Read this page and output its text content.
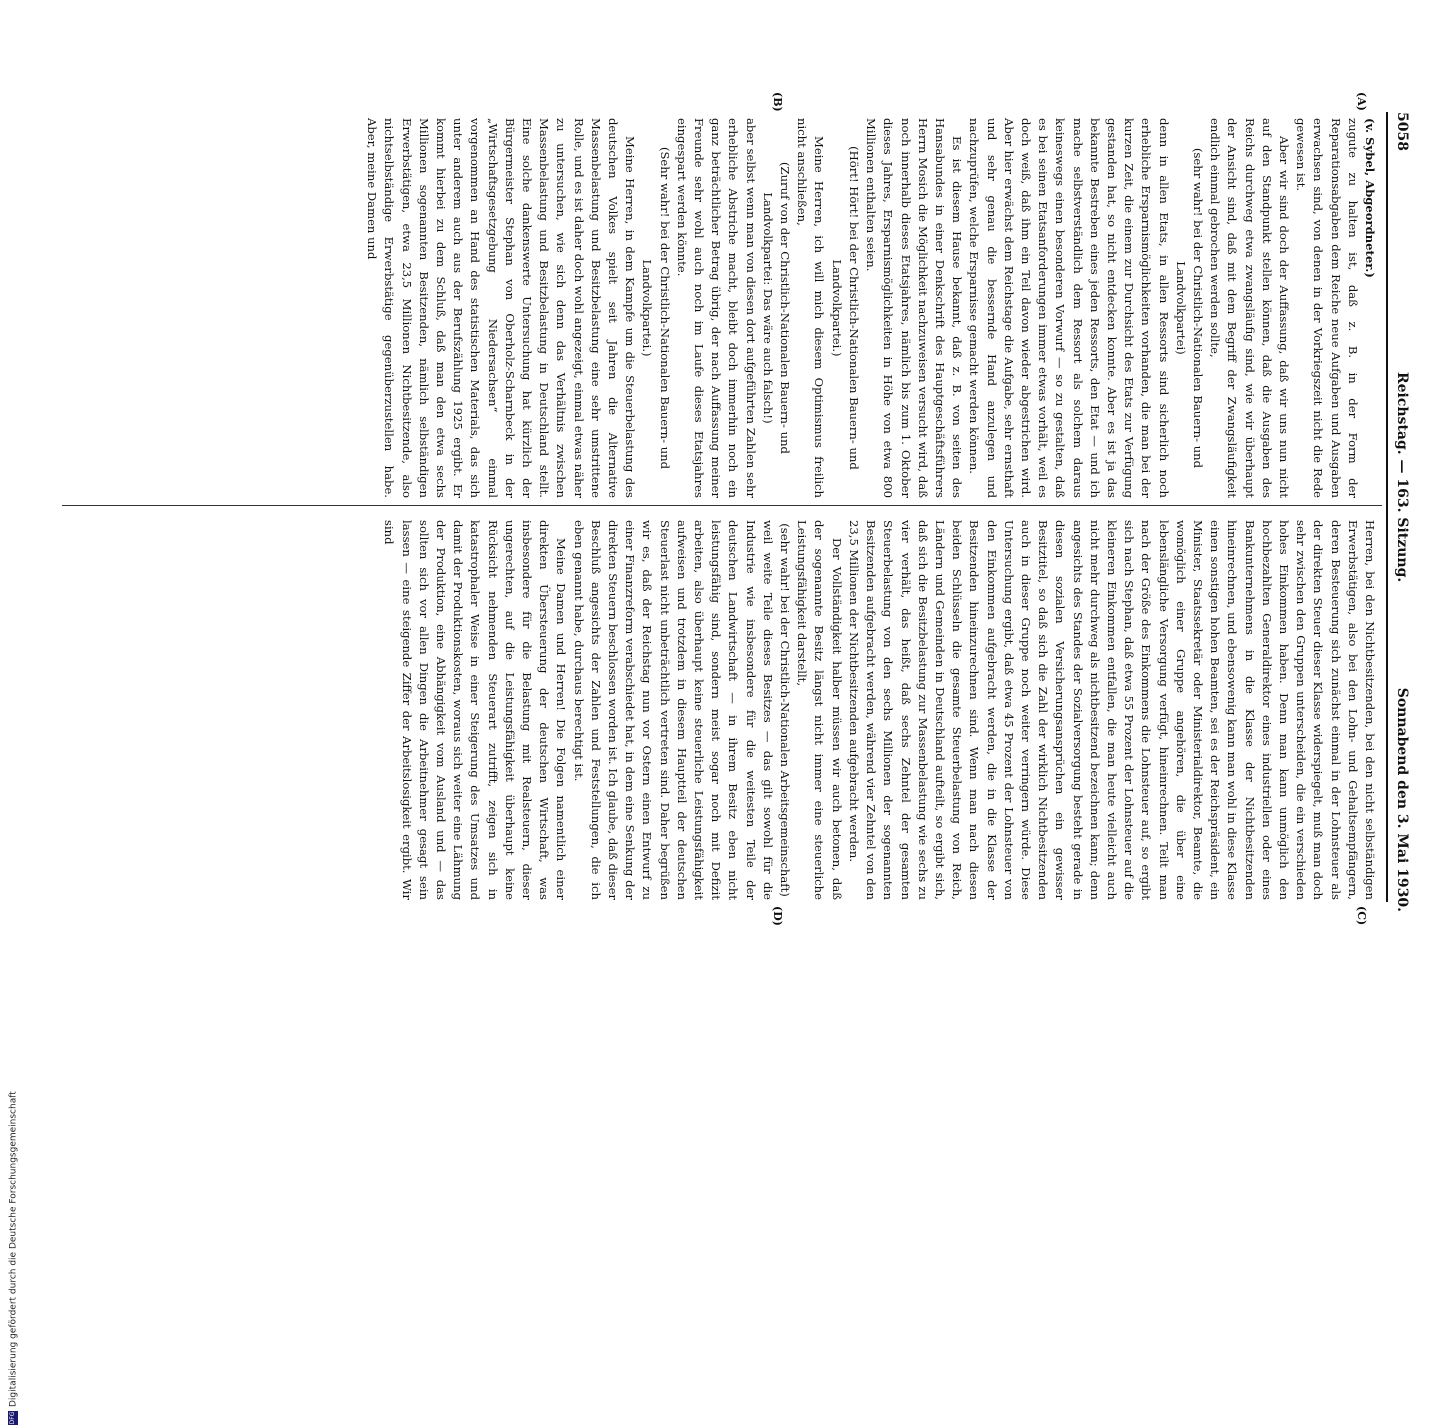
5058
Reichstag. — 163. Sitzung.
Sonnabend den 3. Mai 1930.
(A)
(B)
(C)
(D)

(v. Sybel, Abgeordneter.)

zugute zu halten ist, daß z. B. in der Form der Reparationsabgaben dem Reiche neue Aufgaben und Ausgaben erwachsen sind, von denen in der Vorkriegszeit nicht die Rede gewesen ist.

Aber wir sind doch der Auffassung, daß wir uns nun nicht auf den Standpunkt stellen können, daß die Ausgaben des Reichs durchweg etwa zwangsläufig sind, wie wir überhaupt der Ansicht sind, daß mit dem Begriff der Zwangsläufigkeit endlich einmal gebrochen werden sollte,

(sehr wahr! bei der Christlich-Nationalen Bauern- und Landvolkpartei)

denn in allen Etats, in allen Ressorts sind sicherlich noch erhebliche Ersparnismöglichkeiten vorhanden, die man bei der kurzen Zeit, die einem zur Durchsicht des Etats zur Verfügung gestanden hat, so nicht entdecken konnte. Aber es ist ja das bekannte Bestreben eines jeden Ressorts, den Etat — und ich mache selbstverständlich dem Ressort als solchem daraus keineswegs einen besonderen Vorwurf — so zu gestalten, daß es bei seinen Etatsanforderungen immer etwas vorhält, weil es doch weiß, daß ihm ein Teil davon wieder abgestrichen wird. Aber hier erwächst dem Reichstage die Aufgabe, sehr ernsthaft und sehr genau die bessernde Hand anzulegen und nachzuprüfen, welche Ersparnisse gemacht werden können.

Es ist diesem Hause bekannt, daß z. B. von seiten des Hansabundes in einer Denkschrift des Hauptgeschäftsführers Herrn Mosich die Möglichkeit nachzuweisen versucht wird, daß noch innerhalb dieses Etatsjahres, nämlich bis zum 1. Oktober dieses Jahres, Ersparnismöglichkeiten in Höhe von etwa 800 Millionen enthalten seien.

(Hört! Hört! bei der Christlich-Nationalen Bauern- und Landvolkpartei.)

Meine Herren, ich will mich diesem Optimismus freilich nicht anschließen,

(Zuruf von der Christlich-Nationalen Bauern- und Landvolkpartei: Das wäre auch falsch!)

aber selbst wenn man von diesen dort aufgeführten Zahlen sehr erhebliche Abstriche macht, bleibt doch immerhin noch ein ganz beträchtlicher Betrag übrig, der nach Auffassung meiner Freunde sehr wohl auch noch im Laufe dieses Etatsjahres eingespart werden könnte.

(Sehr wahr! bei der Christlich-Nationalen Bauern- und Landvolkpartei.)

Meine Herren, in dem Kampfe um die Steuerbelastung des deutschen Volkes spielt seit Jahren die Alternative Massenbelastung und Besitzbelastung eine sehr umstrittene Rolle, und es ist daher doch wohl angezeigt, einmal etwas näher zu untersuchen, wie sich denn das Verhältnis zwischen Massenbelastung und Besitzbelastung in Deutschland stellt. Eine solche dankenswerte Untersuchung hat kürzlich der Bürgermeister Stephan von Oberholz-Scharnbeck in der „Wirtschaftsgesetzgebung Niedersachsen“ einmal vorgenommen an Hand des statistischen Materials, das sich unter anderem auch aus der Berufszählung 1925 ergibt. Er kommt hierbei zu dem Schluß, daß man den etwa sechs Millionen sogenannten Besitzenden, nämlich selbständigen Erwerbstätigen, etwa 23,5 Millionen Nichtbesitzende, also nichtselbständige Erwerbstätige gegenüberzustellen habe. Aber, meine Damen und

Herren, bei den Nichtbesitzenden, bei den nicht selbständigen Erwerbstätigen, also bei den Lohn- und Gehaltsempfängern, deren Besteuerung sich zunächst einmal in der Lohnsteuer als der direkten Steuer dieser Klasse widerspiegelt, muß man doch sehr zwischen den Gruppen unterscheiden, die ein verschieden hohes Einkommen haben. Denn man kann unmöglich den hochbezahlten Generaldirektor eines industriellen oder eines Bankunternehmens in die Klasse der Nichtbesitzenden hineinrechnen, und ebensowenig kann man wohl in diese Klasse einen sonstigen hohen Beamten, sei es der Reichspräsident, ein Minister, Staatssekretär oder Ministerialdirektor, Beamte, die womöglich einer Gruppe angehören, die über eine lebenslängliche Versorgung verfügt, hineinrechnen. Teilt man nach der Größe des Einkommens die Lohnsteuer auf, so ergibt sich nach Stephan, daß etwa 55 Prozent der Lohnsteuer auf die kleineren Einkommen entfallen, die man heute vielleicht auch nicht mehr durchweg als nichtbesitzend bezeichnen kann; denn angesichts des Standes der Sozialversorgung besteht gerade in diesen sozialen Versicherungsansprüchen ein gewisser Besitztitel, so daß sich die Zahl der wirklich Nichtbesitzenden auch in dieser Gruppe noch weiter verringern würde. Diese Untersuchung ergibt, daß etwa 45 Prozent der Lohnsteuer von den Einkommen aufgebracht werden, die in die Klasse der Besitzenden hineinzurechnen sind. Wenn man nach diesen beiden Schlüsseln die gesamte Steuerbelastung von Reich, Ländern und Gemeinden in Deutschland aufteilt, so ergibt sich, daß sich die Besitzbelastung zur Massenbelastung wie sechs zu vier verhält, das heißt, daß sechs Zehntel der gesamten Steuerbelastung von den sechs Millionen der sogenannten Besitzenden aufgebracht werden, während vier Zehntel von den 23,5 Millionen der Nichtbesitzenden aufgebracht werden.

Der Vollständigkeit halber müssen wir auch betonen, daß der sogenannte Besitz längst nicht immer eine steuerliche Leistungsfähigkeit darstellt,

(sehr wahr! bei der Christlich-Nationalen Arbeitsgemeinschaft)

weil weite Teile dieses Besitzes — das gilt sowohl für die Industrie wie insbesondere für die weitesten Teile der deutschen Landwirtschaft — in ihrem Besitz eben nicht leistungsfähig sind, sondern meist sogar noch mit Defizit arbeiten, also überhaupt keine steuerliche Leistungsfähigkeit aufweisen und trotzdem in diesem Hauptteil der deutschen Steuerlast nicht unbeträchtlich vertreten sind. Daher begrüßen wir es, daß der Reichstag nun vor Ostern einen Entwurf zu einer Finanzreform verabschiedet hat, in dem eine Senkung der direkten Steuern beschlossen worden ist. Ich glaube, daß dieser Beschluß angesichts der Zahlen und Feststellungen, die ich eben genannt habe, durchaus berechtigt ist.

Meine Damen und Herren! Die Folgen namentlich einer direkten Übersteuerung der deutschen Wirtschaft, was insbesondere für die Belastung mit Realsteuern, dieser ungerechten, auf die Leistungsfähigkeit überhaupt keine Rücksicht nehmenden Steuerart zutrifft, zeigen sich in katastrophaler Weise in einer Steigerung des Umsatzes und damit der Produktionskosten, woraus sich weiter eine Lähmung der Produktion, eine Abhängigkeit vom Ausland und — das sollten sich vor allen Dingen die Arbeitnehmer gesagt sein lassen — eine steigende Ziffer der Arbeitslosigkeit ergibt. Wir sind

DFGDigitalisierung gefördert durch die Deutsche Forschungsgemeinschaft
